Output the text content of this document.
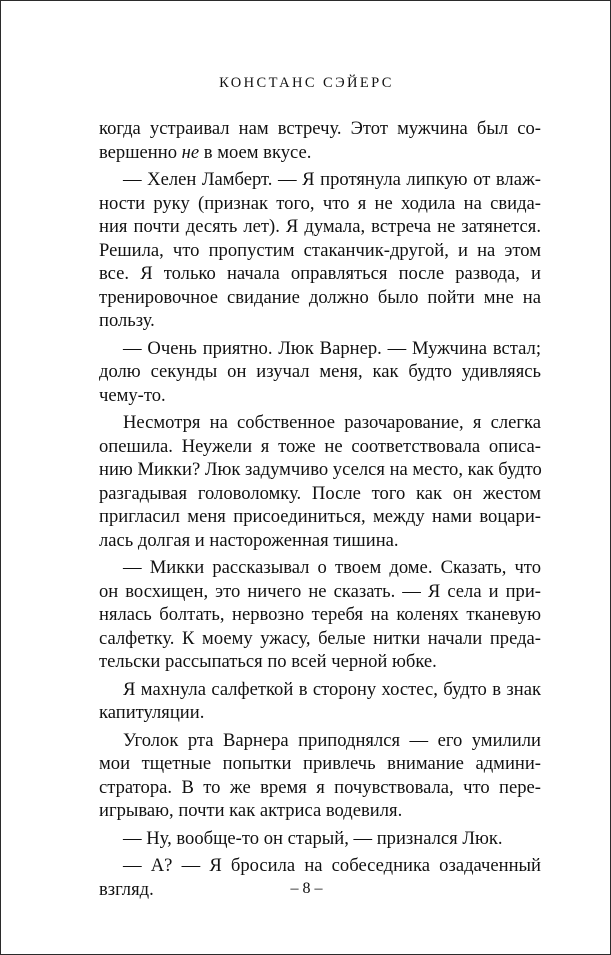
КОНСТАНС СЭЙЕРС
когда устраивал нам встречу. Этот мужчина был со-
вершенно не в моем вкусе.
— Хелен Ламберт. — Я протянула липкую от влаж-
ности руку (признак того, что я не ходила на свида-
ния почти десять лет). Я думала, встреча не затянется.
Решила, что пропустим стаканчик-другой, и на этом
все. Я только начала оправляться после развода, и
тренировочное свидание должно было пойти мне на
пользу.
— Очень приятно. Люк Варнер. — Мужчина встал;
долю секунды он изучал меня, как будто удивляясь
чему-то.
Несмотря на собственное разочарование, я слегка
опешила. Неужели я тоже не соответствовала описа-
нию Микки? Люк задумчиво уселся на место, как будто
разгадывая головоломку. После того как он жестом
пригласил меня присоединиться, между нами воцари-
лась долгая и настороженная тишина.
— Микки рассказывал о твоем доме. Сказать, что
он восхищен, это ничего не сказать. — Я села и при-
нялась болтать, нервозно теребя на коленях тканевую
салфетку. К моему ужасу, белые нитки начали преда-
тельски рассыпаться по всей черной юбке.
Я махнула салфеткой в сторону хостес, будто в знак
капитуляции.
Уголок рта Варнера приподнялся — его умилили
мои тщетные попытки привлечь внимание админи-
стратора. В то же время я почувствовала, что пере-
игрываю, почти как актриса водевиля.
— Ну, вообще-то он старый, — признался Люк.
— А? — Я бросила на собеседника озадаченный
взгляд.	– 8 –
